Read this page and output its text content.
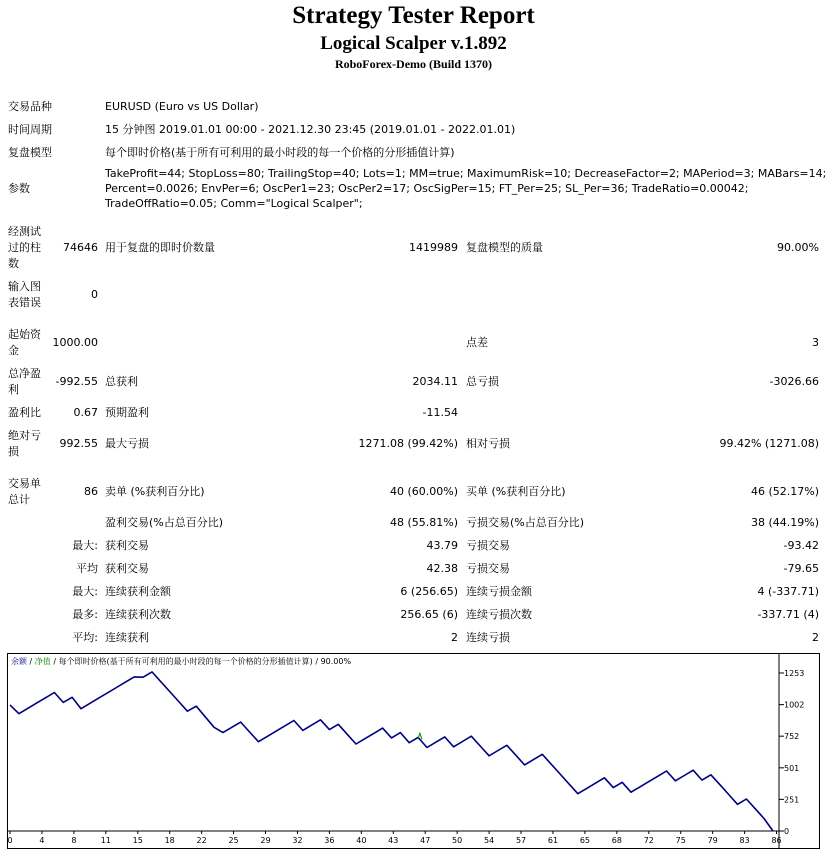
Strategy Tester Report
Logical Scalper v.1.892
RoboForex-Demo (Build 1370)
交易品种	EURUSD (Euro vs US Dollar)
时间周期	15 分钟图 2019.01.01 00:00 - 2021.12.30 23:45 (2019.01.01 - 2022.01.01)
复盘模型	每个即时价格(基于所有可利用的最小时段的每一个价格的分形插值计算)
参数
TakeProfit=44; StopLoss=80; TrailingStop=40; Lots=1; MM=true; MaximumRisk=10; DecreaseFactor=2; MAPeriod=3; MABars=14;
Percent=0.0026; EnvPer=6; OscPer1=23; OscPer2=17; OscSigPer=15; FT_Per=25; SL_Per=36; TradeRatio=0.00042;
TradeOffRatio=0.05; Comm="Logical Scalper";
经测试过的柱数
74646 用于复盘的即时价数量	1419989 复盘模型的质量	90.00%
输入图表错误
0
起始资金
1000.00	点差	3
总净盈利
-992.55 总获利	2034.11 总亏损	-3026.66
盈利比	0.67 预期盈利	-11.54
绝对亏损
992.55 最大亏损	1271.08 (99.42%) 相对亏损	99.42% (1271.08)
交易单总计
86 卖单 (%获利百分比)	40 (60.00%) 买单 (%获利百分比)	46 (52.17%)
盈利交易(%占总百分比)	48 (55.81%) 亏损交易(%占总百分比)	38 (44.19%)
最大: 获利交易	43.79 亏损交易	-93.42
平均 获利交易	42.38 亏损交易	-79.65
最大: 连续获利金额	6 (256.65) 连续亏损金额	4 (-337.71)
最多: 连续获利次数	256.65 (6) 连续亏损次数	-337.71 (4)
平均: 连续获利	2 连续亏损	2
余额 / 净值 / 每个即时价格(基于所有可利用的最小时段的每一个价格的分形插值计算) / 90.00%
1253
1002
752
501
251
0
0	4	8	11	15	18	22	25	29	32	36	40	43	47	50	54	57	61	65	68	72	75	79	83	86
